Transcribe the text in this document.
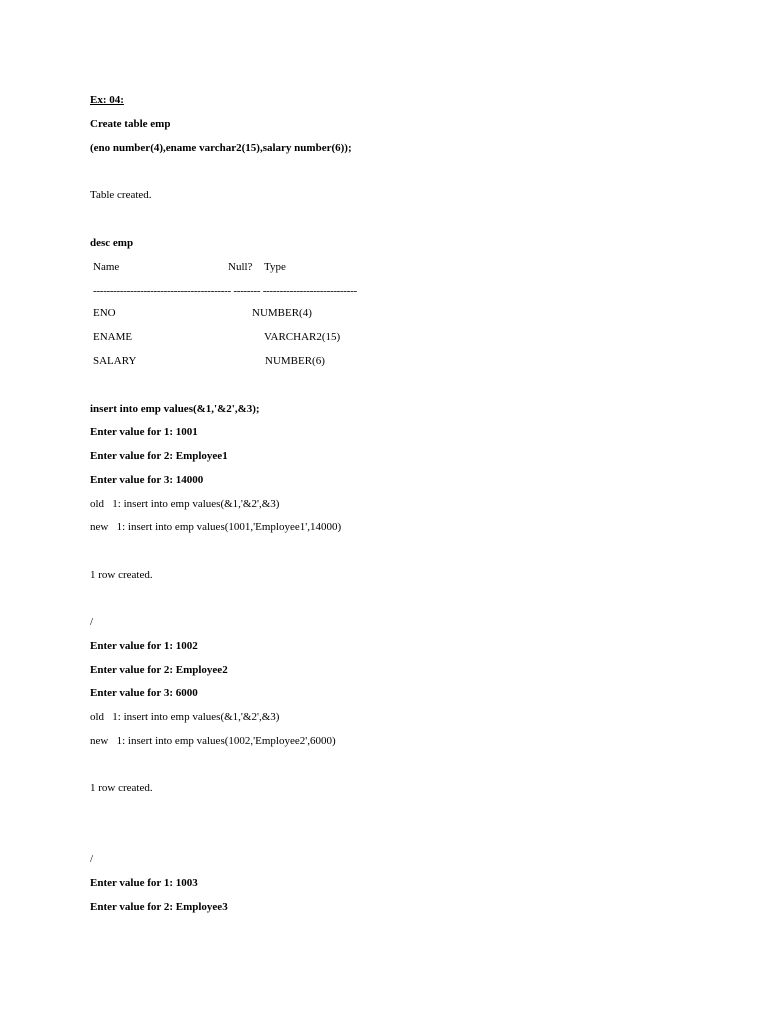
Ex: 04:
Create table emp
(eno number(4),ename varchar2(15),salary number(6));
Table created.
desc emp
Name	Null? Type
----------------------------------------- -------- ----------------------------
ENO	NUMBER(4)
ENAME	VARCHAR2(15)
SALARY	NUMBER(6)
insert into emp values(&1,'&2',&3);
Enter value for 1: 1001
Enter value for 2: Employee1
Enter value for 3: 14000
old   1: insert into emp values(&1,'&2',&3)
new   1: insert into emp values(1001,'Employee1',14000)
1 row created.
/
Enter value for 1: 1002
Enter value for 2: Employee2
Enter value for 3: 6000
old   1: insert into emp values(&1,'&2',&3)
new   1: insert into emp values(1002,'Employee2',6000)
1 row created.
/
Enter value for 1: 1003
Enter value for 2: Employee3
